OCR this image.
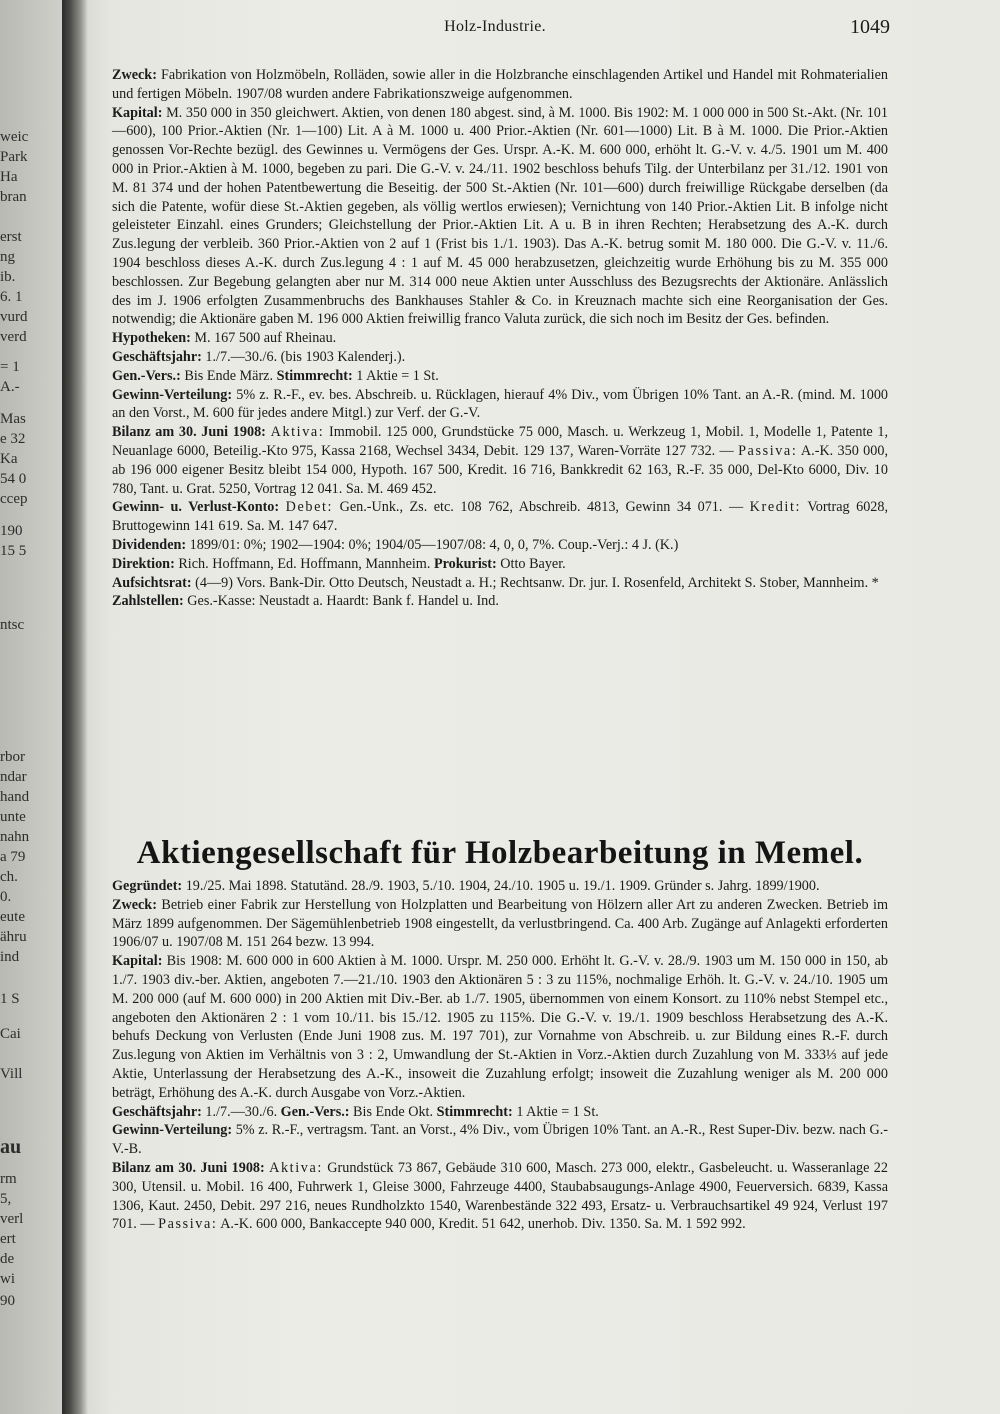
weic
Park
Ha
bran
erst
ng
ib.
6. 1
vurd
verd
= 1
A.-
Mas
e 32
Ka
54 0
ccep
190
15 5
ntsc
rbor
ndar
hand
unte
nahn
a 79
ch.
0.
eute
ähru
ind
1 S
Cai
Vill
au
rm
5,
verl
ert
de
wi
90
Holz-Industrie.	1049

Zweck: Fabrikation von Holzmöbeln, Rolläden, sowie aller in die Holzbranche einschlagenden Artikel und Handel mit Rohmaterialien und fertigen Möbeln. 1907/08 wurden andere Fabrikationszweige aufgenommen.

Kapital: M. 350 000 in 350 gleichwert. Aktien, von denen 180 abgest. sind, à M. 1000. Bis 1902: M. 1 000 000 in 500 St.-Akt. (Nr. 101—600), 100 Prior.-Aktien (Nr. 1—100) Lit. A à M. 1000 u. 400 Prior.-Aktien (Nr. 601—1000) Lit. B à M. 1000. Die Prior.-Aktien genossen Vor-Rechte bezügl. des Gewinnes u. Vermögens der Ges. Urspr. A.-K. M. 600 000, erhöht lt. G.-V. v. 4./5. 1901 um M. 400 000 in Prior.-Aktien à M. 1000, begeben zu pari. Die G.-V. v. 24./11. 1902 beschloss behufs Tilg. der Unterbilanz per 31./12. 1901 von M. 81 374 und der hohen Patentbewertung die Beseitig. der 500 St.-Aktien (Nr. 101—600) durch freiwillige Rückgabe derselben (da sich die Patente, wofür diese St.-Aktien gegeben, als völlig wertlos erwiesen); Vernichtung von 140 Prior.-Aktien Lit. B infolge nicht geleisteter Einzahl. eines Grunders; Gleichstellung der Prior.-Aktien Lit. A u. B in ihren Rechten; Herabsetzung des A.-K. durch Zus.legung der verbleib. 360 Prior.-Aktien von 2 auf 1 (Frist bis 1./1. 1903). Das A.-K. betrug somit M. 180 000. Die G.-V. v. 11./6. 1904 beschloss dieses A.-K. durch Zus.legung 4 : 1 auf M. 45 000 herabzusetzen, gleichzeitig wurde Erhöhung bis zu M. 355 000 beschlossen. Zur Begebung gelangten aber nur M. 314 000 neue Aktien unter Ausschluss des Bezugsrechts der Aktionäre. Anlässlich des im J. 1906 erfolgten Zusammenbruchs des Bankhauses Stahler & Co. in Kreuznach machte sich eine Reorganisation der Ges. notwendig; die Aktionäre gaben M. 196 000 Aktien freiwillig franco Valuta zurück, die sich noch im Besitz der Ges. befinden.

Hypotheken: M. 167 500 auf Rheinau.

Geschäftsjahr: 1./7.—30./6. (bis 1903 Kalenderj.).

Gen.-Vers.: Bis Ende März. Stimmrecht: 1 Aktie = 1 St.

Gewinn-Verteilung: 5% z. R.-F., ev. bes. Abschreib. u. Rücklagen, hierauf 4% Div., vom Übrigen 10% Tant. an A.-R. (mind. M. 1000 an den Vorst., M. 600 für jedes andere Mitgl.) zur Verf. der G.-V.

Bilanz am 30. Juni 1908: Aktiva: Immobil. 125 000, Grundstücke 75 000, Masch. u. Werkzeug 1, Mobil. 1, Modelle 1, Patente 1, Neuanlage 6000, Beteilig.-Kto 975, Kassa 2168, Wechsel 3434, Debit. 129 137, Waren-Vorräte 127 732. — Passiva: A.-K. 350 000, ab 196 000 eigener Besitz bleibt 154 000, Hypoth. 167 500, Kredit. 16 716, Bankkredit 62 163, R.-F. 35 000, Del-Kto 6000, Div. 10 780, Tant. u. Grat. 5250, Vortrag 12 041. Sa. M. 469 452.

Gewinn- u. Verlust-Konto: Debet: Gen.-Unk., Zs. etc. 108 762, Abschreib. 4813, Gewinn 34 071. — Kredit: Vortrag 6028, Bruttogewinn 141 619. Sa. M. 147 647.

Dividenden: 1899/01: 0%; 1902—1904: 0%; 1904/05—1907/08: 4, 0, 0, 7%. Coup.-Verj.: 4 J. (K.)

Direktion: Rich. Hoffmann, Ed. Hoffmann, Mannheim. Prokurist: Otto Bayer.

Aufsichtsrat: (4—9) Vors. Bank-Dir. Otto Deutsch, Neustadt a. H.; Rechtsanw. Dr. jur. I. Rosenfeld, Architekt S. Stober, Mannheim. *

Zahlstellen: Ges.-Kasse: Neustadt a. Haardt: Bank f. Handel u. Ind.

Aktiengesellschaft für Holzbearbeitung in Memel.

Gegründet: 19./25. Mai 1898. Statutänd. 28./9. 1903, 5./10. 1904, 24./10. 1905 u. 19./1. 1909. Gründer s. Jahrg. 1899/1900.

Zweck: Betrieb einer Fabrik zur Herstellung von Holzplatten und Bearbeitung von Hölzern aller Art zu anderen Zwecken. Betrieb im März 1899 aufgenommen. Der Sägemühlenbetrieb 1908 eingestellt, da verlustbringend. Ca. 400 Arb. Zugänge auf Anlagekti erforderten 1906/07 u. 1907/08 M. 151 264 bezw. 13 994.

Kapital: Bis 1908: M. 600 000 in 600 Aktien à M. 1000. Urspr. M. 250 000. Erhöht lt. G.-V. v. 28./9. 1903 um M. 150 000 in 150, ab 1./7. 1903 div.-ber. Aktien, angeboten 7.—21./10. 1903 den Aktionären 5 : 3 zu 115%, nochmalige Erhöh. lt. G.-V. v. 24./10. 1905 um M. 200 000 (auf M. 600 000) in 200 Aktien mit Div.-Ber. ab 1./7. 1905, übernommen von einem Konsort. zu 110% nebst Stempel etc., angeboten den Aktionären 2 : 1 vom 10./11. bis 15./12. 1905 zu 115%. Die G.-V. v. 19./1. 1909 beschloss Herabsetzung des A.-K. behufs Deckung von Verlusten (Ende Juni 1908 zus. M. 197 701), zur Vornahme von Abschreib. u. zur Bildung eines R.-F. durch Zus.legung von Aktien im Verhältnis von 3 : 2, Umwandlung der St.-Aktien in Vorz.-Aktien durch Zuzahlung von M. 333⅓ auf jede Aktie, Unterlassung der Herabsetzung des A.-K., insoweit die Zuzahlung erfolgt; insoweit die Zuzahlung weniger als M. 200 000 beträgt, Erhöhung des A.-K. durch Ausgabe von Vorz.-Aktien.

Geschäftsjahr: 1./7.—30./6. Gen.-Vers.: Bis Ende Okt. Stimmrecht: 1 Aktie = 1 St.

Gewinn-Verteilung: 5% z. R.-F., vertragsm. Tant. an Vorst., 4% Div., vom Übrigen 10% Tant. an A.-R., Rest Super-Div. bezw. nach G.-V.-B.

Bilanz am 30. Juni 1908: Aktiva: Grundstück 73 867, Gebäude 310 600, Masch. 273 000, elektr., Gasbeleucht. u. Wasseranlage 22 300, Utensil. u. Mobil. 16 400, Fuhrwerk 1, Gleise 3000, Fahrzeuge 4400, Staubabsaugungs-Anlage 4900, Feuerversich. 6839, Kassa 1306, Kaut. 2450, Debit. 297 216, neues Rundholzkto 1540, Warenbestände 322 493, Ersatz- u. Verbrauchsartikel 49 924, Verlust 197 701. — Passiva: A.-K. 600 000, Bankaccepte 940 000, Kredit. 51 642, unerhob. Div. 1350. Sa. M. 1 592 992.
